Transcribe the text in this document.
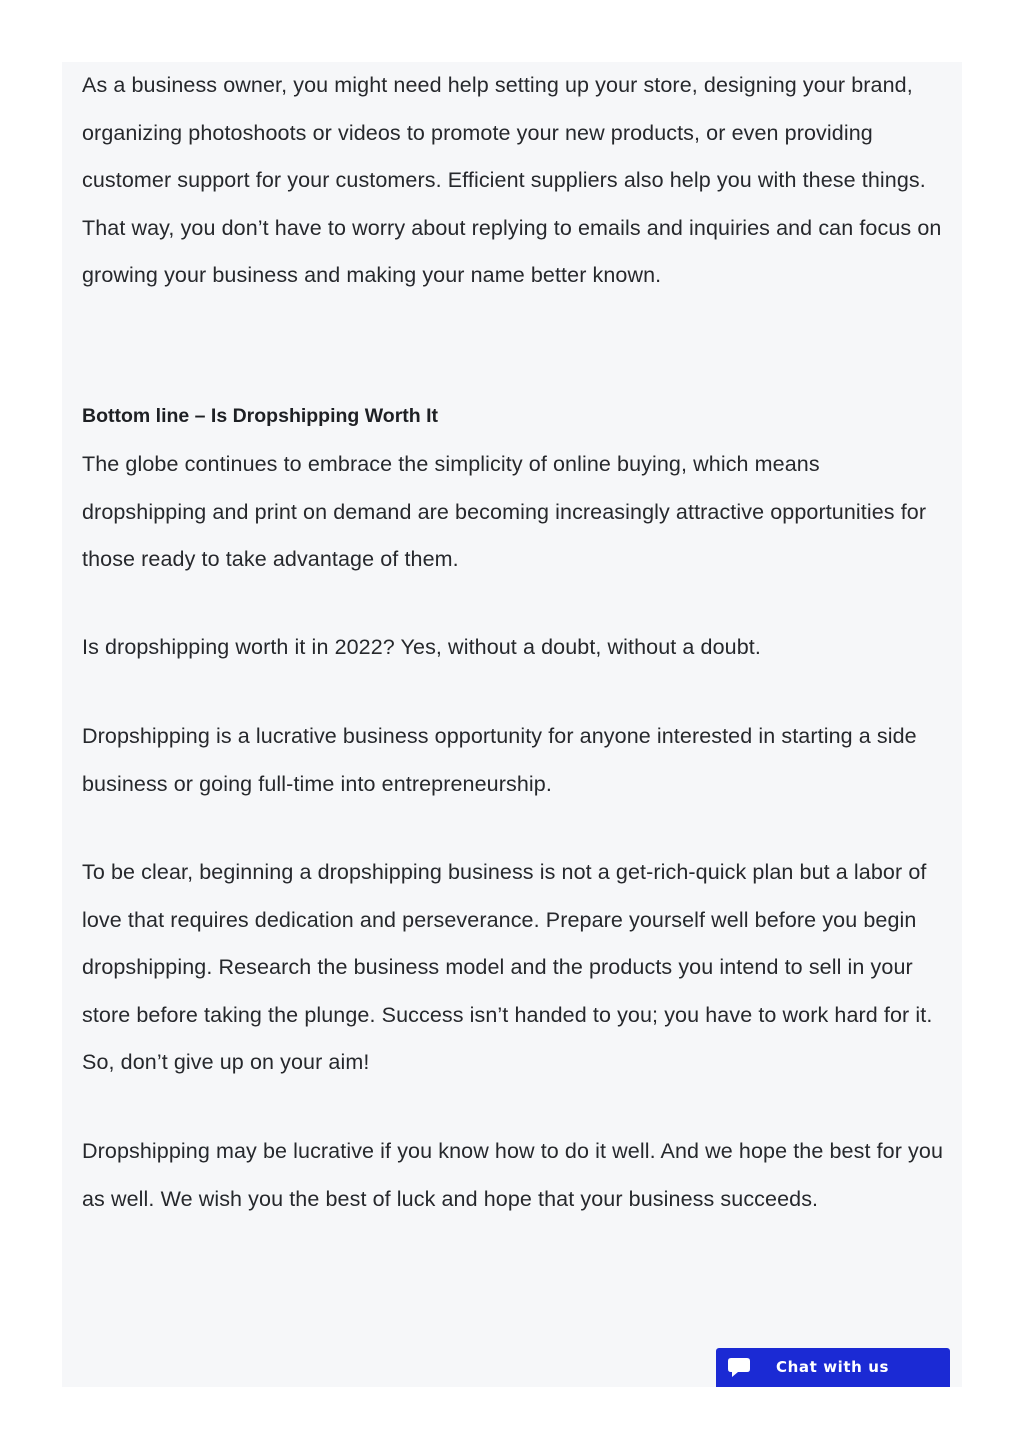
As a business owner, you might need help setting up your store, designing your brand, organizing photoshoots or videos to promote your new products, or even providing customer support for your customers. Efficient suppliers also help you with these things. That way, you don’t have to worry about replying to emails and inquiries and can focus on growing your business and making your name better known.

Bottom line – Is Dropshipping Worth It

The globe continues to embrace the simplicity of online buying, which means dropshipping and print on demand are becoming increasingly attractive opportunities for those ready to take advantage of them.

Is dropshipping worth it in 2022? Yes, without a doubt, without a doubt.

Dropshipping is a lucrative business opportunity for anyone interested in starting a side business or going full-time into entrepreneurship.

To be clear, beginning a dropshipping business is not a get-rich-quick plan but a labor of love that requires dedication and perseverance. Prepare yourself well before you begin dropshipping. Research the business model and the products you intend to sell in your store before taking the plunge. Success isn’t handed to you; you have to work hard for it. So, don’t give up on your aim!

Dropshipping may be lucrative if you know how to do it well. And we hope the best for you as well. We wish you the best of luck and hope that your business succeeds.

Chat with us
